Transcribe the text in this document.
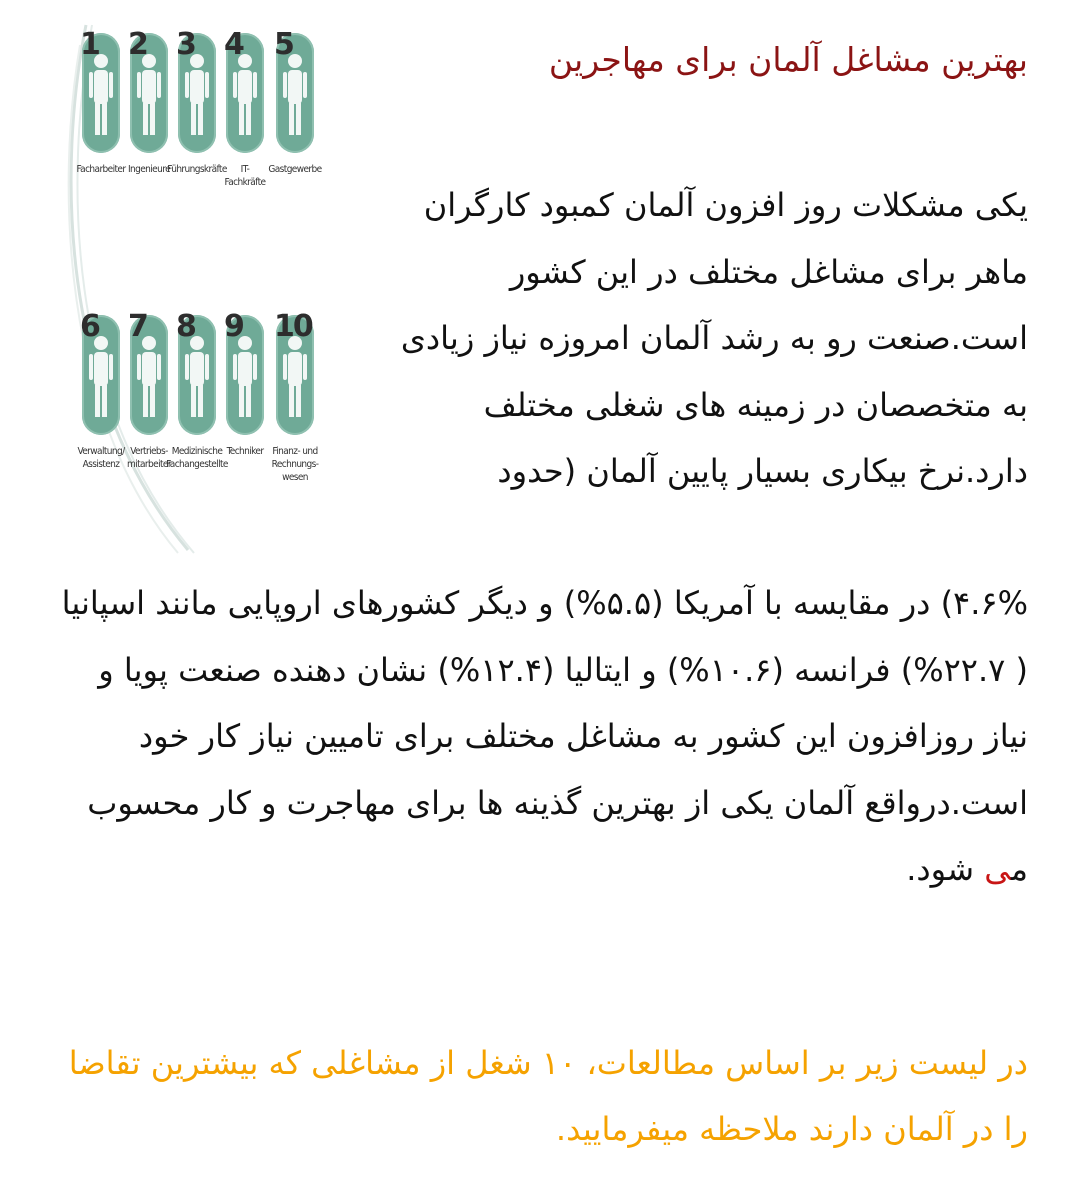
1
Facharbeiter
2
Ingenieure
3
Führungskräfte
4
IT-
Fachkräfte
5
Gastgewerbe
6
Verwaltung/
Assistenz
7
Vertriebs-
mitarbeiter
8
Medizinische
Fachangestellte
9
Techniker
10
Finanz- und
Rechnungs-
wesen
بهترین مشاغل آلمان برای مهاجرین
یکی مشکلات روز افزون آلمان کمبود کارگران ماهر برای مشاغل مختلف در این کشور است.صنعت رو به رشد آلمان امروزه نیاز زیادی به متخصصان در زمینه های شغلی مختلف دارد.نرخ بیکاری بسیار پایین آلمان (حدود
۴.۶%) در مقایسه با آمریکا (۵.۵%) و دیگر کشورهای اروپایی مانند اسپانیا ( ۲۲.۷%) فرانسه (۱۰.۶%) و ایتالیا (۱۲.۴%) نشان دهنده صنعت پویا و نیاز روزافزون این کشور به مشاغل مختلف برای تامیین نیاز کار خود است.درواقع آلمان یکی از بهترین گذینه ها برای مهاجرت و کار محسوب می شود.
در لیست زیر بر اساس مطالعات، ۱۰ شغل از مشاغلی که بیشترین تقاضا را در آلمان دارند ملاحظه میفرمایید.
